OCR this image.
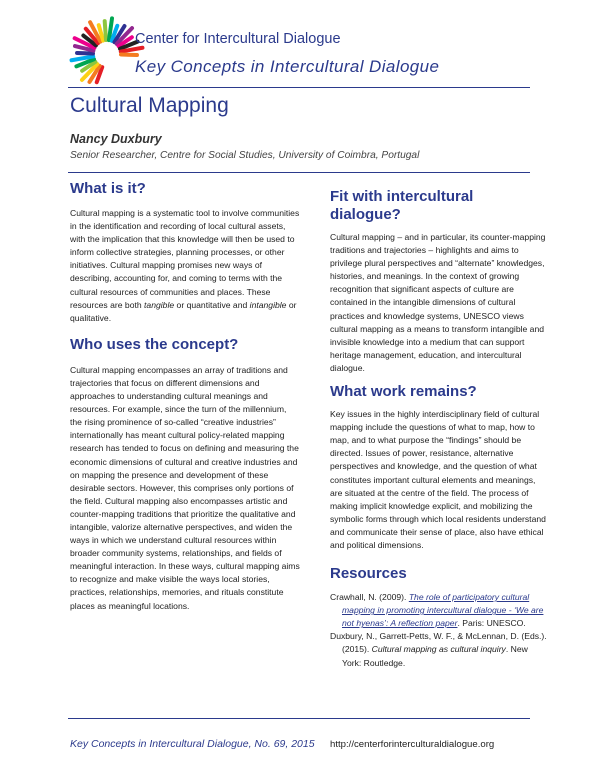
Center for Intercultural Dialogue
Key Concepts in Intercultural Dialogue
Cultural Mapping
Nancy Duxbury
Senior Researcher, Centre for Social Studies, University of Coimbra, Portugal
What is it?

Cultural mapping is a systematic tool to involve communities in the identification and recording of local cultural assets, with the implication that this knowledge will then be used to inform collective strategies, planning processes, or other initiatives. Cultural mapping promises new ways of describing, accounting for, and coming to terms with the cultural resources of communities and places. These resources are both tangible or quantitative and intangible or qualitative.

Who uses the concept?

Cultural mapping encompasses an array of traditions and trajectories that focus on different dimensions and approaches to understanding cultural meanings and resources. For example, since the turn of the millennium, the rising prominence of so-called “creative industries” internationally has meant cultural policy-related mapping research has tended to focus on defining and measuring the economic dimensions of cultural and creative industries and on mapping the presence and development of these desirable sectors. However, this comprises only portions of the field. Cultural mapping also encompasses artistic and counter-mapping traditions that prioritize the qualitative and intangible, valorize alternative perspectives, and widen the ways in which we understand cultural resources within broader community systems, relationships, and fields of meaningful interaction. In these ways, cultural mapping aims to recognize and make visible the ways local stories, practices, relationships, memories, and rituals constitute places as meaningful locations.

Fit with intercultural dialogue?

Cultural mapping – and in particular, its counter-mapping traditions and trajectories – highlights and aims to privilege plural perspectives and “alternate” knowledges, histories, and meanings. In the context of growing recognition that significant aspects of culture are contained in the intangible dimensions of cultural practices and knowledge systems, UNESCO views cultural mapping as a means to transform intangible and invisible knowledge into a medium that can support heritage management, education, and intercultural dialogue.

What work remains?

Key issues in the highly interdisciplinary field of cultural mapping include the questions of what to map, how to map, and to what purpose the “findings” should be directed. Issues of power, resistance, alternative perspectives and knowledge, and the question of what constitutes important cultural elements and meanings, are situated at the centre of the field. The process of making implicit knowledge explicit, and mobilizing the symbolic forms through which local residents understand and communicate their sense of place, also have ethical and political dimensions.

Resources

Crawhall, N. (2009). The role of participatory cultural mapping in promoting intercultural dialogue - ‘We are not hyenas’: A reflection paper. Paris: UNESCO.

Duxbury, N., Garrett-Petts, W. F., & McLennan, D. (Eds.). (2015). Cultural mapping as cultural inquiry. New York: Routledge.

Key Concepts in Intercultural Dialogue, No. 69, 2015 http://centerforinterculturaldialogue.org
